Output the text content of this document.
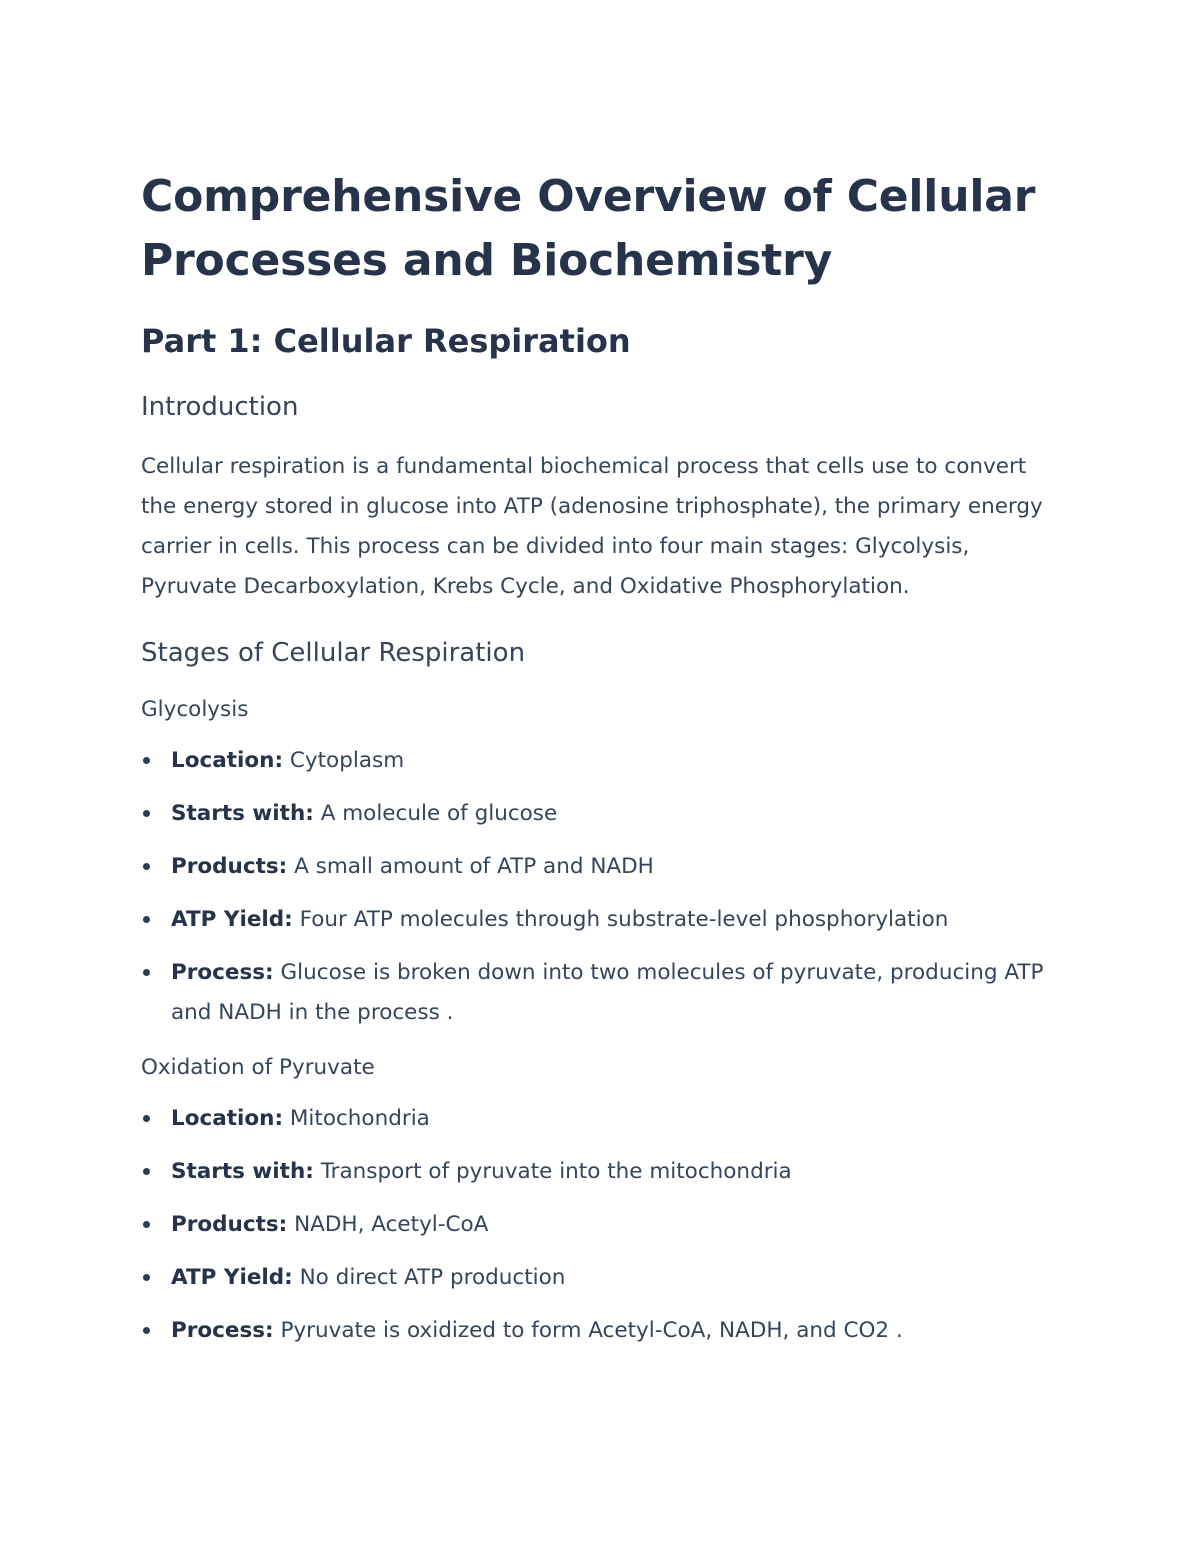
Comprehensive Overview of Cellular Processes and Biochemistry
Part 1: Cellular Respiration
Introduction

Cellular respiration is a fundamental biochemical process that cells use to convert the energy stored in glucose into ATP (adenosine triphosphate), the primary energy carrier in cells. This process can be divided into four main stages: Glycolysis, Pyruvate Decarboxylation, Krebs Cycle, and Oxidative Phosphorylation.

Stages of Cellular Respiration
Glycolysis
Location: Cytoplasm
Starts with: A molecule of glucose
Products: A small amount of ATP and NADH
ATP Yield: Four ATP molecules through substrate-level phosphorylation
Process: Glucose is broken down into two molecules of pyruvate, producing ATP and NADH in the process .
Oxidation of Pyruvate
Location: Mitochondria
Starts with: Transport of pyruvate into the mitochondria
Products: NADH, Acetyl-CoA
ATP Yield: No direct ATP production
Process: Pyruvate is oxidized to form Acetyl-CoA, NADH, and CO2 .
